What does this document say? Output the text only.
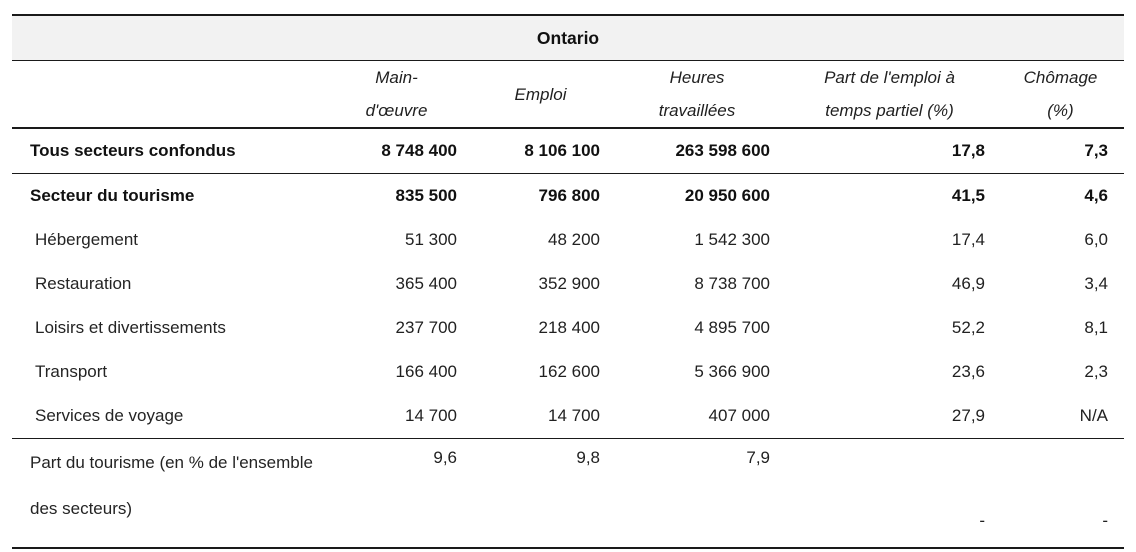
Ontario					
	Main-d'œuvre	Emploi	Heures travaillées	Part de l'emploi à temps partiel (%)	Chômage (%)
Tous secteurs confondus	8 748 400	8 106 100	263 598 600	17,8	7,3
Secteur du tourisme	835 500	796 800	20 950 600	41,5	4,6
Hébergement	51 300	48 200	1 542 300	17,4	6,0
Restauration	365 400	352 900	8 738 700	46,9	3,4
Loisirs et divertissements	237 700	218 400	4 895 700	52,2	8,1
Transport	166 400	162 600	5 366 900	23,6	2,3
Services de voyage	14 700	14 700	407 000	27,9	N/A
Part du tourisme (en % de l'ensemble des secteurs)	9,6	9,8	7,9	-	-
